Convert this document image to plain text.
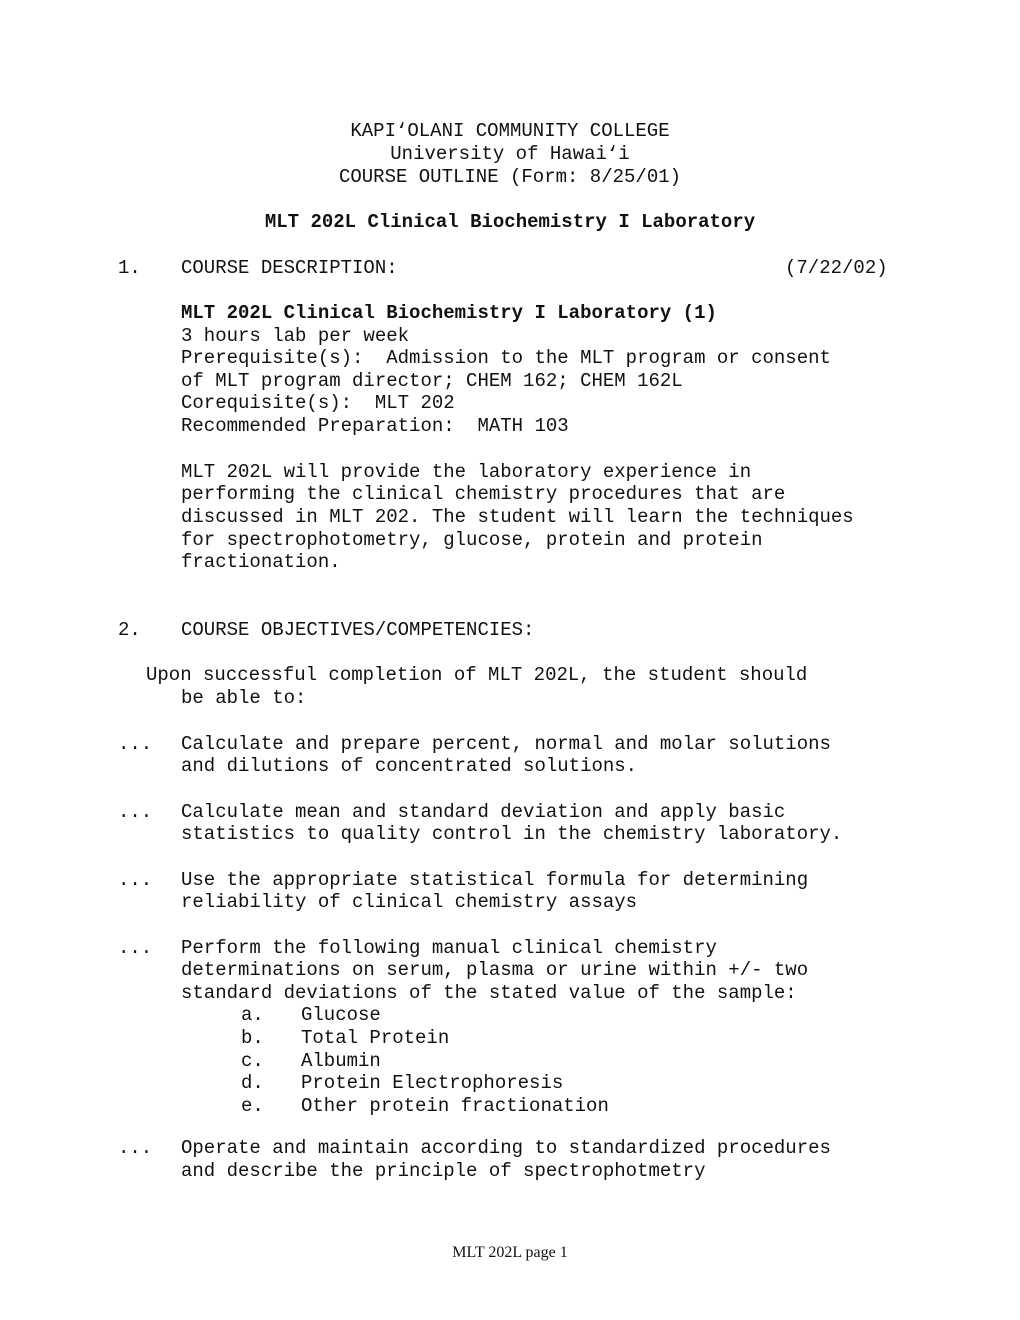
KAPI‘OLANI COMMUNITY COLLEGE
University of Hawai‘i
COURSE OUTLINE (Form: 8/25/01)
MLT 202L Clinical Biochemistry I Laboratory
1. COURSE DESCRIPTION:	(7/22/02)
MLT 202L Clinical Biochemistry I Laboratory (1)
3 hours lab per week
Prerequisite(s):  Admission to the MLT program or consent
of MLT program director; CHEM 162; CHEM 162L
Corequisite(s):  MLT 202
Recommended Preparation:  MATH 103
MLT 202L will provide the laboratory experience in
performing the clinical chemistry procedures that are
discussed in MLT 202. The student will learn the techniques
for spectrophotometry, glucose, protein and protein
fractionation.
2. COURSE OBJECTIVES/COMPETENCIES:
Upon successful completion of MLT 202L, the student should
be able to:
... Calculate and prepare percent, normal and molar solutions
and dilutions of concentrated solutions.
... Calculate mean and standard deviation and apply basic
statistics to quality control in the chemistry laboratory.
... Use the appropriate statistical formula for determining
reliability of clinical chemistry assays
... Perform the following manual clinical chemistry
determinations on serum, plasma or urine within +/- two
standard deviations of the stated value of the sample:
a. Glucose
b. Total Protein
c. Albumin
d. Protein Electrophoresis
e. Other protein fractionation
... Operate and maintain according to standardized procedures
and describe the principle of spectrophotmetry
MLT 202L page 1
